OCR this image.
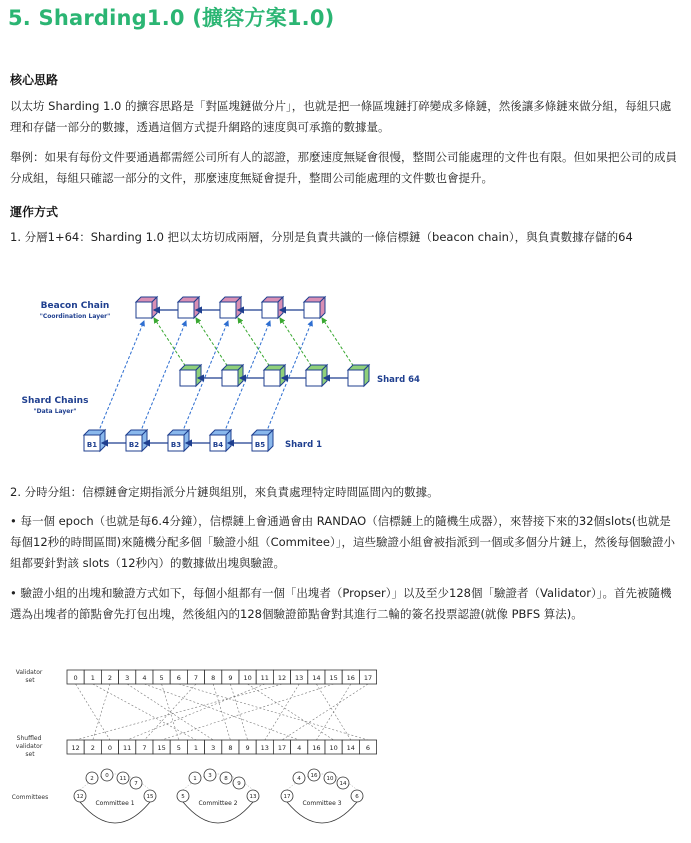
5. Sharding1.0 (擴容方案1.0)
核心思路

以太坊 Sharding 1.0 的擴容思路是「對區塊鏈做分片」，也就是把一條區塊鏈打碎變成多條鏈，然後讓多條鏈來做分組，每組只處理和存儲一部分的數據，透過這個方式提升網路的速度與可承擔的數據量。

舉例：如果有每份文件要通過都需經公司所有人的認證，那麼速度無疑會很慢，整間公司能處理的文件也有限。但如果把公司的成員分成組，每組只確認一部分的文件，那麼速度無疑會提升，整間公司能處理的文件數也會提升。

運作方式

1. 分層1+64：Sharding 1.0 把以太坊切成兩層，分別是負責共識的一條信標鏈（beacon chain），與負責數據存儲的64

Beacon Chain
"Coordination Layer"
Shard Chains
"Data Layer"
Shard 64
Shard 1
B1	B2	B3	B4	B5

2. 分時分組：信標鏈會定期指派分片鏈與組別，來負責處理特定時間區間內的數據。

• 每一個 epoch（也就是每6.4分鐘），信標鏈上會通過會由 RANDAO（信標鏈上的隨機生成器），來替接下來的32個slots(也就是每個12秒的時間區間)來隨機分配多個「驗證小組（Commitee）」，這些驗證小組會被指派到一個或多個分片鏈上，然後每個驗證小組都要針對該 slots（12秒內）的數據做出塊與驗證。

• 驗證小組的出塊和驗證方式如下，每個小組都有一個「出塊者（Propser）」以及至少128個「驗證者（Validator）」。首先被隨機選為出塊者的節點會先打包出塊，然後組內的128個驗證節點會對其進行二輪的簽名投票認證(就像 PBFS 算法)。

Validator set
Shuffled validator set
Committees
0 1 2 3 4 5 6 7 8 9 10 11 12 13 14 15 16 17
12 2 0 11 7 15 5 1 3 8 9 13 17 4 16 10 14 6
12
2 0 11
7
15
Committee 1
5
1 3 8
9
13
Committee 2
17
4 16 10
14
6
Committee 3
